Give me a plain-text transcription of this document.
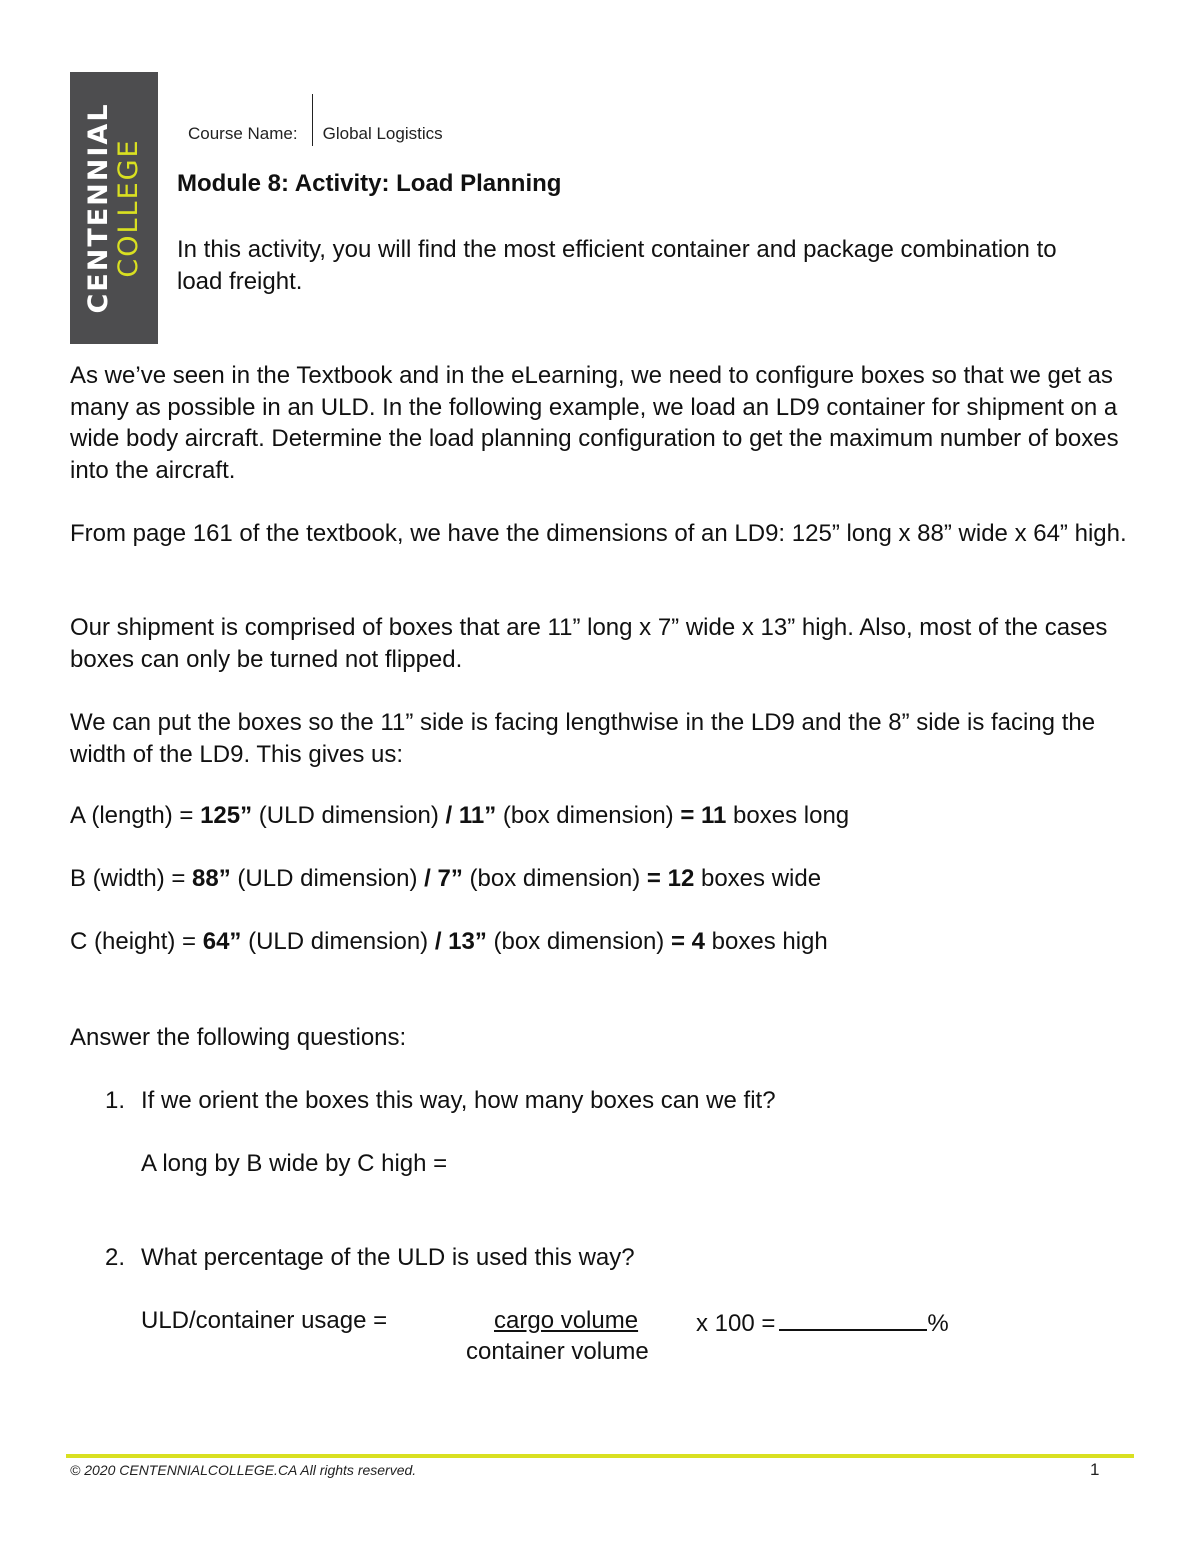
CENTENNIAL COLLEGE
Course Name: Global Logistics
Module 8: Activity: Load Planning

In this activity, you will find the most efficient container and package combination to load freight.

As we’ve seen in the Textbook and in the eLearning, we need to configure boxes so that we get as many as possible in an ULD. In the following example, we load an LD9 container for shipment on a wide body aircraft. Determine the load planning configuration to get the maximum number of boxes into the aircraft.

From page 161 of the textbook, we have the dimensions of an LD9: 125” long x 88” wide x 64” high.

Our shipment is comprised of boxes that are 11” long x 7” wide x 13” high. Also, most of the cases boxes can only be turned not flipped.

We can put the boxes so the 11” side is facing lengthwise in the LD9 and the 8” side is facing the width of the LD9. This gives us:

A (length) = 125” (ULD dimension) / 11” (box dimension) = 11 boxes long

B (width) = 88” (ULD dimension) / 7” (box dimension) = 12 boxes wide

C (height) = 64” (ULD dimension) / 13” (box dimension) = 4 boxes high

Answer the following questions:

1. If we orient the boxes this way, how many boxes can we fit?

A long by B wide by C high =

2. What percentage of the ULD is used this way?

ULD/container usage =	cargo volume
container volume
x 100 =	%
© 2020 CENTENNIALCOLLEGE.CA All rights reserved.	1
